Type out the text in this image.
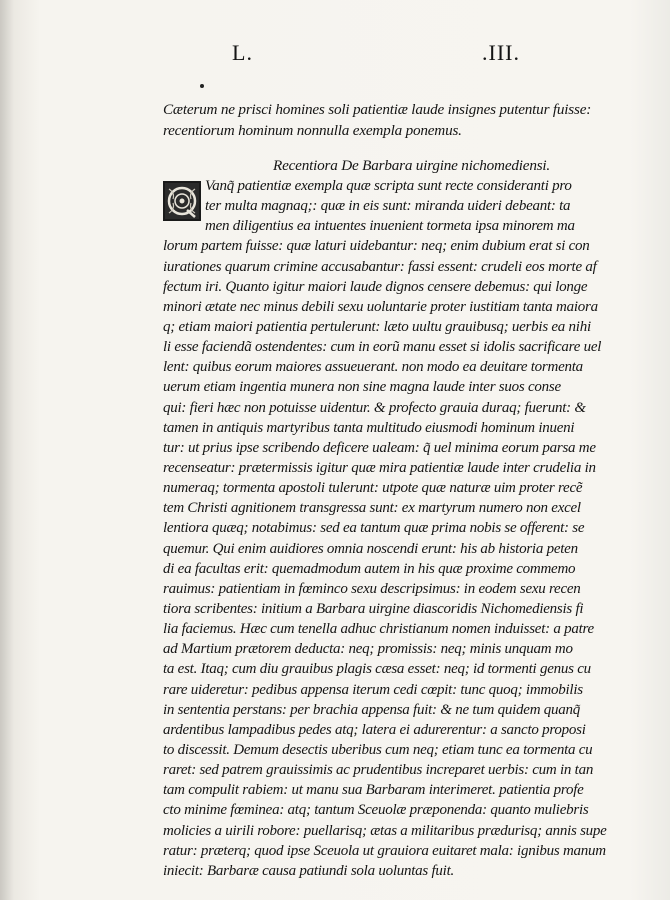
L.	.III.
Cæterum ne prisci homines soli patientiæ laude insignes putentur fuisse:
recentiorum hominum nonnulla exempla ponemus.
Recentiora De Barbara uirgine nichomediensi.
Vanq̃ patientiæ exempla quæ scripta sunt recte consideranti pro
ter multa magnaq;: quæ in eis sunt: miranda uideri debeant: ta
men diligentius ea intuentes inuenient tormeta ipsa minorem ma
lorum partem fuisse: quæ laturi uidebantur: neq; enim dubium erat si con
iurationes quarum crimine accusabantur: fassi essent: crudeli eos morte af
fectum iri. Quanto igitur maiori laude dignos censere debemus: qui longe
minori ætate nec minus debili sexu uoluntarie proter iustitiam tanta maiora
q; etiam maiori patientia pertulerunt: læto uultu grauibusq; uerbis ea nihi
li esse faciendã ostendentes: cum in eorũ manu esset si idolis sacrificare uel
lent: quibus eorum maiores assueuerant. non modo ea deuitare tormenta
uerum etiam ingentia munera non sine magna laude inter suos conse
qui: fieri hæc non potuisse uidentur. & profecto grauia duraq; fuerunt: &
tamen in antiquis martyribus tanta multitudo eiusmodi hominum inueni
tur: ut prius ipse scribendo deficere ualeam: q̃ uel minima eorum parsa me
recenseatur: prætermissis igitur quæ mira patientiæ laude inter crudelia in
numeraq; tormenta apostoli tulerunt: utpote quæ naturæ uim proter recẽ
tem Christi agnitionem transgressa sunt: ex martyrum numero non excel
lentiora quæq; notabimus: sed ea tantum quæ prima nobis se offerent: se
quemur. Qui enim auidiores omnia noscendi erunt: his ab historia peten
di ea facultas erit: quemadmodum autem in his quæ proxime commemo
rauimus: patientiam in fœminco sexu descripsimus: in eodem sexu recen
tiora scribentes: initium a Barbara uirgine diascoridis Nichomediensis fi
lia faciemus. Hæc cum tenella adhuc christianum nomen induisset: a patre
ad Martium prætorem deducta: neq; promissis: neq; minis unquam mo
ta est. Itaq; cum diu grauibus plagis cæsa esset: neq; id tormenti genus cu
rare uideretur: pedibus appensa iterum cedi cœpit: tunc quoq; immobilis
in sententia perstans: per brachia appensa fuit: & ne tum quidem quanq̃
ardentibus lampadibus pedes atq; latera ei adurerentur: a sancto proposi
to discessit. Demum desectis uberibus cum neq; etiam tunc ea tormenta cu
raret: sed patrem grauissimis ac prudentibus increparet uerbis: cum in tan
tam compulit rabiem: ut manu sua Barbaram interimeret. patientia profe
cto minime fœminea: atq; tantum Sceuolæ præponenda: quanto muliebris
molicies a uirili robore: puellarisq; ætas a militaribus prædurisq; annis supe
ratur: præterq; quod ipse Sceuola ut grauiora euitaret mala: ignibus manum
iniecit: Barbaræ causa patiundi sola uoluntas fuit.
